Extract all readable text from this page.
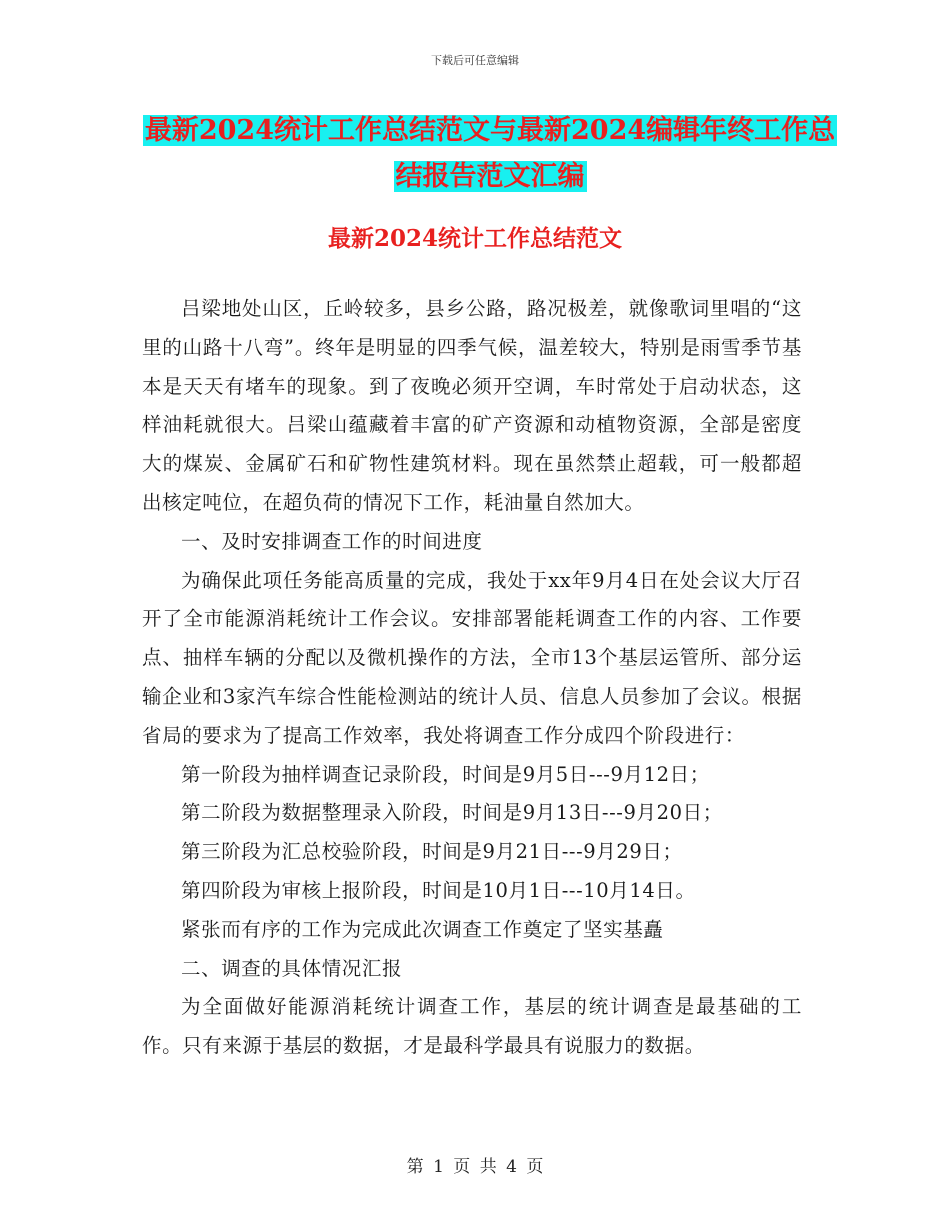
下载后可任意编辑
最新2024统计工作总结范文与最新2024编辑年终工作总结报告范文汇编
最新2024统计工作总结范文

吕梁地处山区，丘岭较多，县乡公路，路况极差，就像歌词里唱的“这里的山路十八弯”。终年是明显的四季气候，温差较大，特别是雨雪季节基本是天天有堵车的现象。到了夜晚必须开空调，车时常处于启动状态，这样油耗就很大。吕梁山蕴藏着丰富的矿产资源和动植物资源，全部是密度大的煤炭、金属矿石和矿物性建筑材料。现在虽然禁止超载，可一般都超出核定吨位，在超负荷的情况下工作，耗油量自然加大。

一、及时安排调查工作的时间进度

为确保此项任务能高质量的完成，我处于xx年9月4日在处会议大厅召开了全市能源消耗统计工作会议。安排部署能耗调查工作的内容、工作要点、抽样车辆的分配以及微机操作的方法，全市13个基层运管所、部分运输企业和3家汽车综合性能检测站的统计人员、信息人员参加了会议。根据省局的要求为了提高工作效率，我处将调查工作分成四个阶段进行：

第一阶段为抽样调查记录阶段，时间是9月5日---9月12日；

第二阶段为数据整理录入阶段，时间是9月13日---9月20日；

第三阶段为汇总校验阶段，时间是9月21日---9月29日；

第四阶段为审核上报阶段，时间是10月1日---10月14日。

紧张而有序的工作为完成此次调查工作奠定了坚实基矗

二、调查的具体情况汇报

为全面做好能源消耗统计调查工作，基层的统计调查是最基础的工作。只有来源于基层的数据，才是最科学最具有说服力的数据。

第 1 页 共 4 页
